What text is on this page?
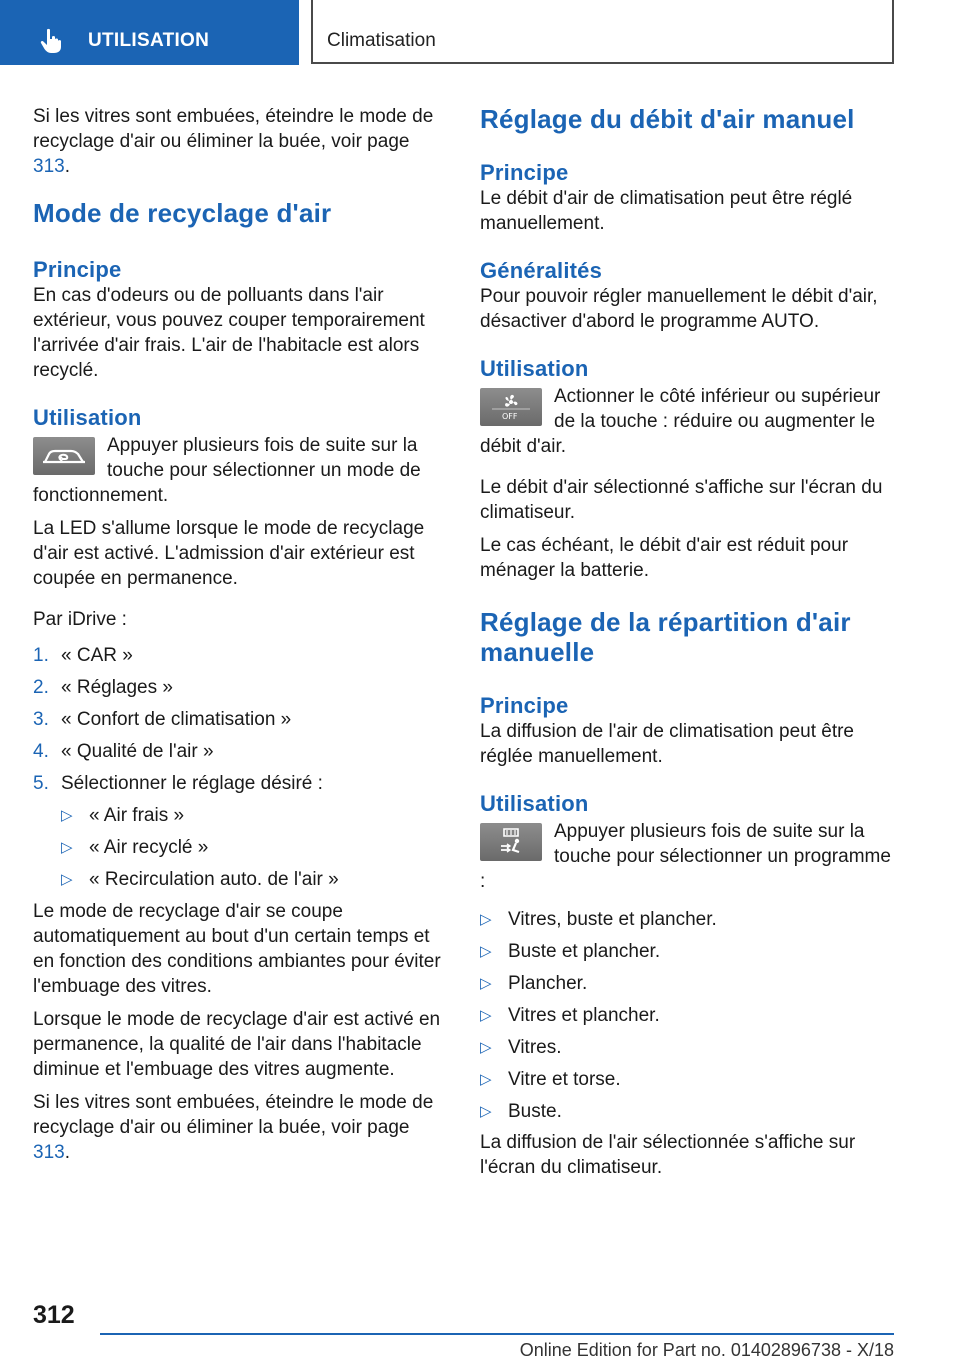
UTILISATION	Climatisation

Si les vitres sont embuées, éteindre le mode de recyclage d'air ou éliminer la buée, voir page 313.

Mode de recyclage d'air
Principe

En cas d'odeurs ou de polluants dans l'air extérieur, vous pouvez couper temporairement l'arrivée d'air frais. L'air de l'habitacle est alors recyclé.

Utilisation

Appuyer plusieurs fois de suite sur la touche pour sélectionner un mode de fonctionnement.

La LED s'allume lorsque le mode de recyclage d'air est activé. L'admission d'air extérieur est coupée en permanence.

Par iDrive :

1. « CAR »
2. « Réglages »
3. « Confort de climatisation »
4. « Qualité de l'air »
5. Sélectionner le réglage désiré :
▷ « Air frais »
▷ « Air recyclé »
▷ « Recirculation auto. de l'air »

Le mode de recyclage d'air se coupe automatiquement au bout d'un certain temps et en fonction des conditions ambiantes pour éviter l'embuage des vitres.

Lorsque le mode de recyclage d'air est activé en permanence, la qualité de l'air dans l'habitacle diminue et l'embuage des vitres augmente.

Si les vitres sont embuées, éteindre le mode de recyclage d'air ou éliminer la buée, voir page 313.

Réglage du débit d'air manuel
Principe

Le débit d'air de climatisation peut être réglé manuellement.

Généralités

Pour pouvoir régler manuellement le débit d'air, désactiver d'abord le programme AUTO.

Utilisation

OFF
Actionner le côté inférieur ou supérieur de la touche : réduire ou augmenter le débit d'air.

Le débit d'air sélectionné s'affiche sur l'écran du climatiseur.

Le cas échéant, le débit d'air est réduit pour ménager la batterie.

Réglage de la répartition d'air manuelle
Principe

La diffusion de l'air de climatisation peut être réglée manuellement.

Utilisation

Appuyer plusieurs fois de suite sur la touche pour sélectionner un programme :

▷ Vitres, buste et plancher.
▷ Buste et plancher.
▷ Plancher.
▷ Vitres et plancher.
▷ Vitres.
▷ Vitre et torse.
▷ Buste.

La diffusion de l'air sélectionnée s'affiche sur l'écran du climatiseur.

312
Online Edition for Part no. 01402896738 - X/18
